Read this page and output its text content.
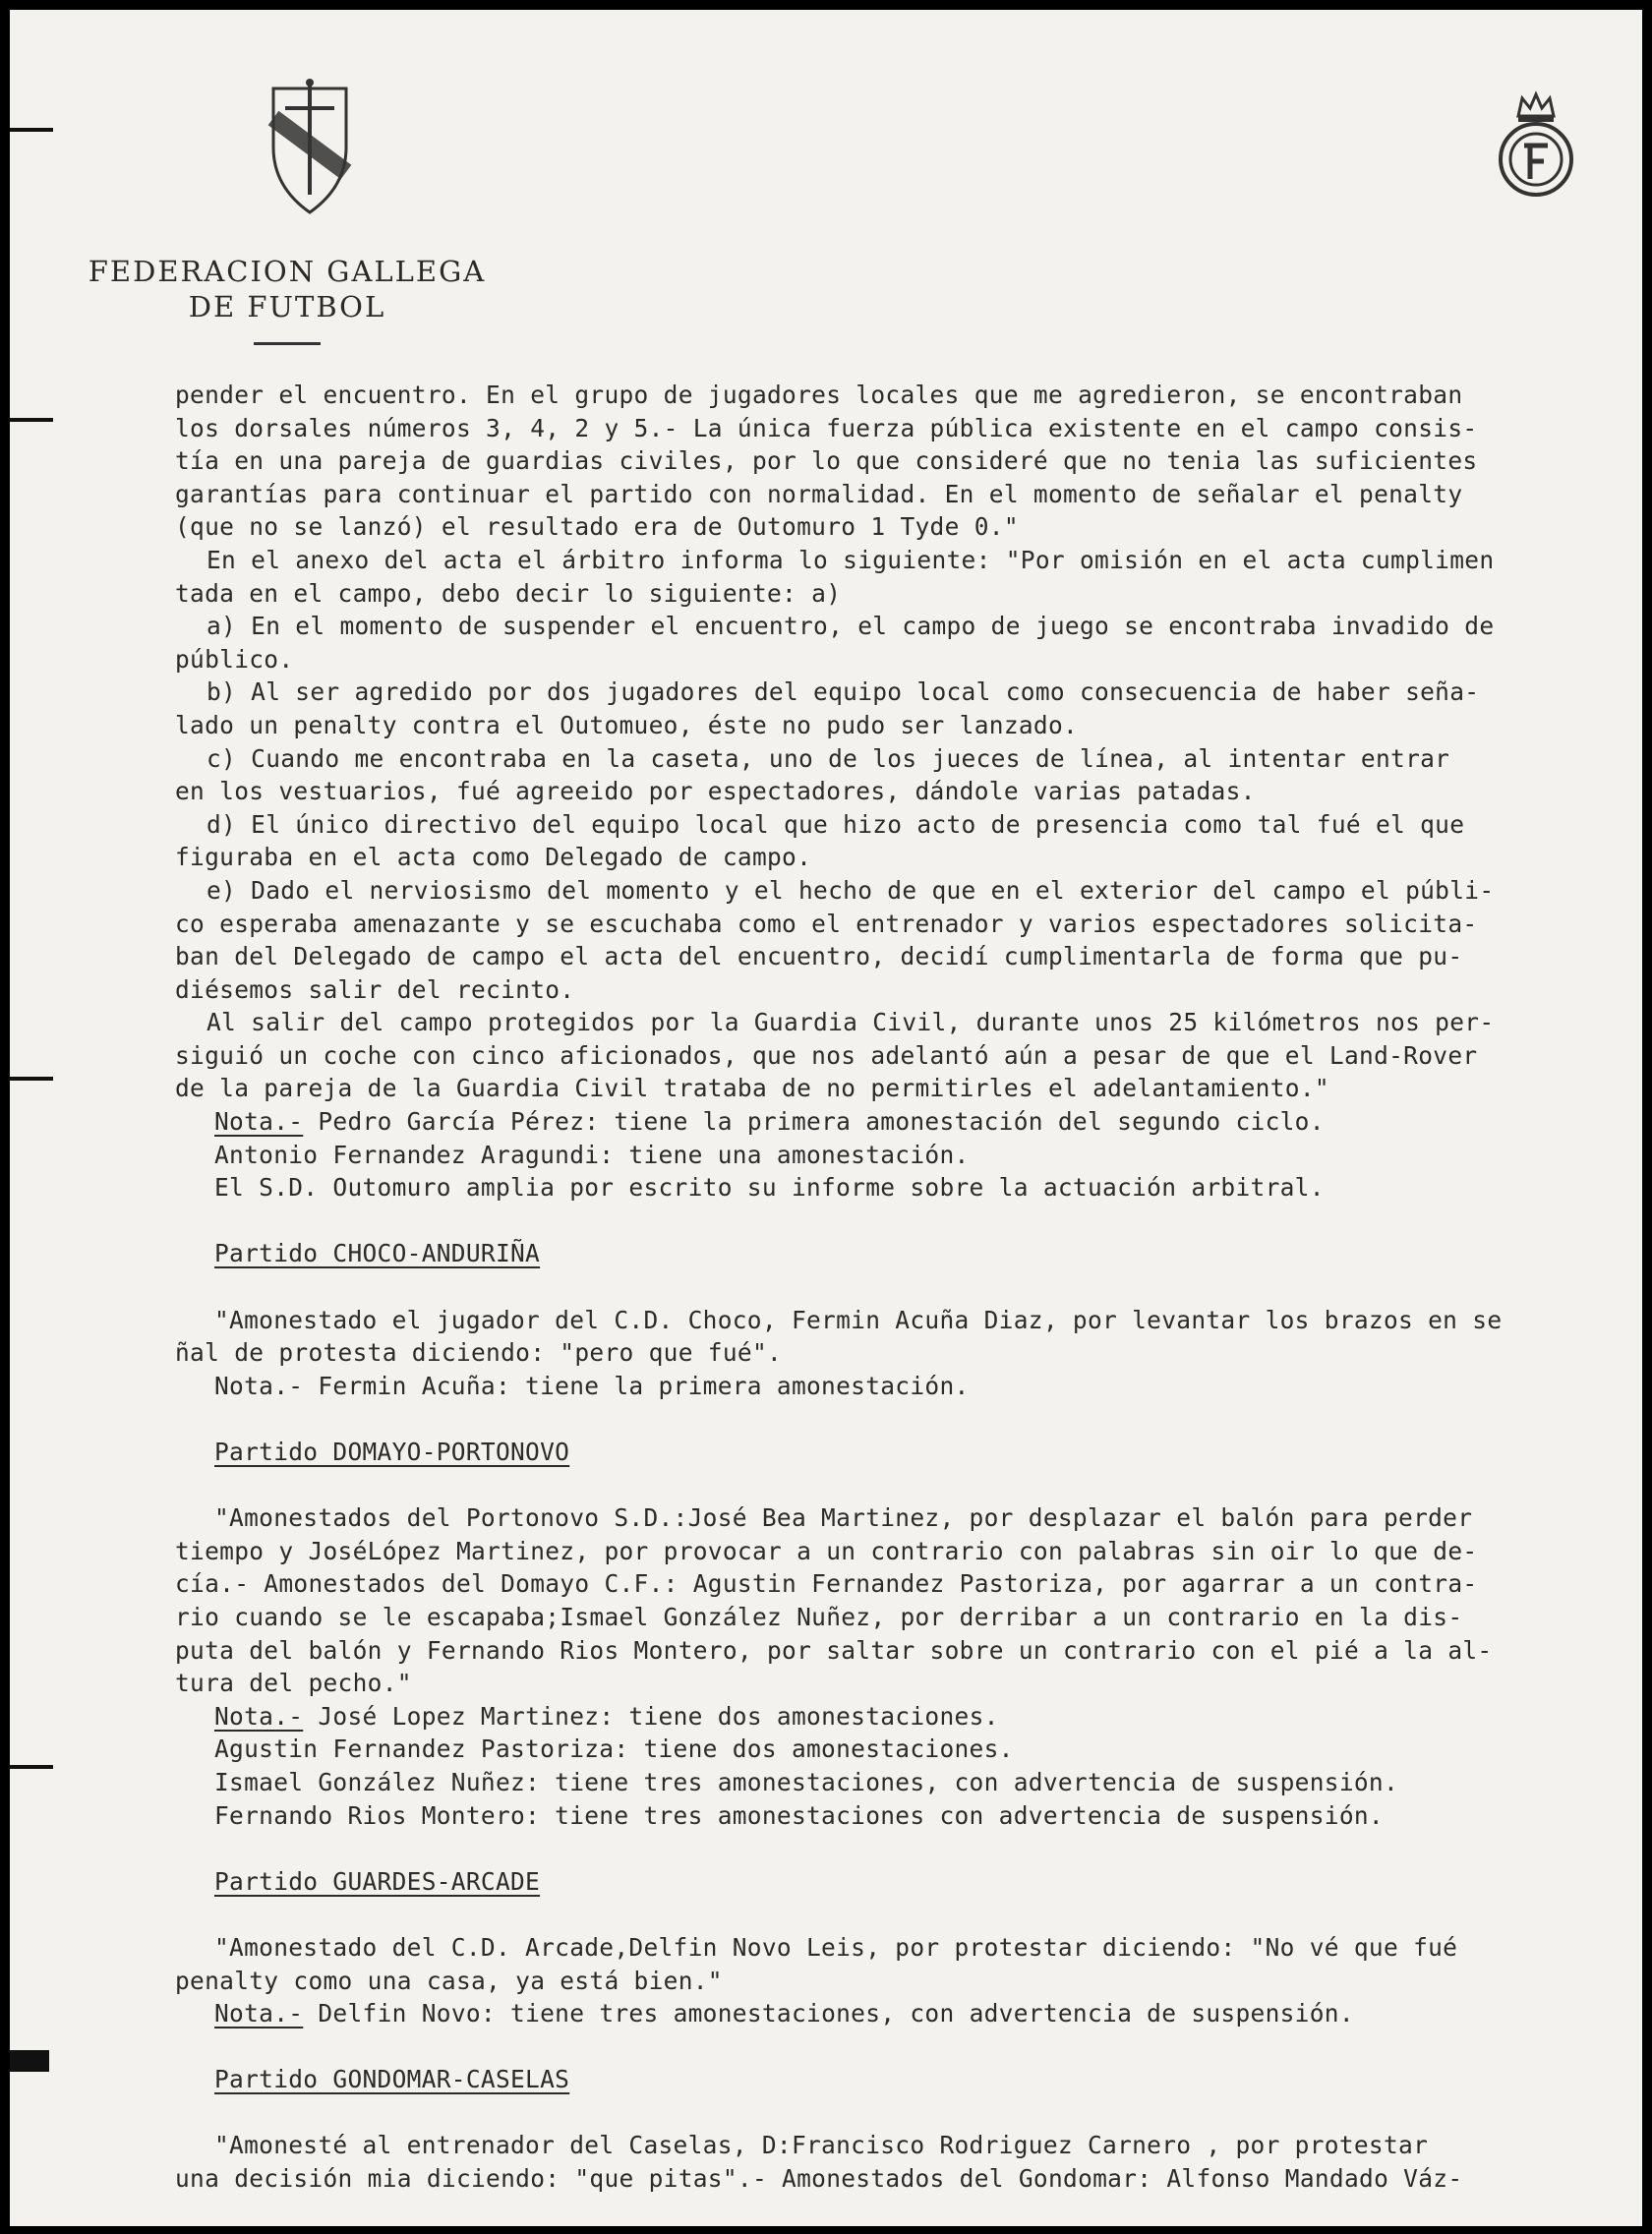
FEDERACION GALLEGA
DE FUTBOL
pender el encuentro. En el grupo de jugadores locales que me agredieron, se encontraban
los dorsales números 3, 4, 2 y 5.- La única fuerza pública existente en el campo consis-
tía en una pareja de guardias civiles, por lo que consideré que no tenia las suficientes
garantías para continuar el partido con normalidad. En el momento de señalar el penalty
(que no se lanzó) el resultado era de Outomuro 1 Tyde 0."
En el anexo del acta el árbitro informa lo siguiente: "Por omisión en el acta cumplimen
tada en el campo, debo decir lo siguiente: a)
a) En el momento de suspender el encuentro, el campo de juego se encontraba invadido de
público.
b) Al ser agredido por dos jugadores del equipo local como consecuencia de haber seña-
lado un penalty contra el Outomueo, éste no pudo ser lanzado.
c) Cuando me encontraba en la caseta, uno de los jueces de línea, al intentar entrar
en los vestuarios, fué agreeido por espectadores, dándole varias patadas.
d) El único directivo del equipo local que hizo acto de presencia como tal fué el que
figuraba en el acta como Delegado de campo.
e) Dado el nerviosismo del momento y el hecho de que en el exterior del campo el públi-
co esperaba amenazante y se escuchaba como el entrenador y varios espectadores solicita-
ban del Delegado de campo el acta del encuentro, decidí cumplimentarla de forma que pu-
diésemos salir del recinto.
Al salir del campo protegidos por la Guardia Civil, durante unos 25 kilómetros nos per-
siguió un coche con cinco aficionados, que nos adelantó aún a pesar de que el Land-Rover
de la pareja de la Guardia Civil trataba de no permitirles el adelantamiento."
Nota.- Pedro García Pérez: tiene la primera amonestación del segundo ciclo.
Antonio Fernandez Aragundi: tiene una amonestación.
El S.D. Outomuro amplia por escrito su informe sobre la actuación arbitral.
Partido CHOCO-ANDURIÑA
"Amonestado el jugador del C.D. Choco, Fermin Acuña Diaz, por levantar los brazos en se
ñal de protesta diciendo: "pero que fué".
Nota.- Fermin Acuña: tiene la primera amonestación.
Partido DOMAYO-PORTONOVO
"Amonestados del Portonovo S.D.:José Bea Martinez, por desplazar el balón para perder
tiempo y JoséLópez Martinez, por provocar a un contrario con palabras sin oir lo que de-
cía.- Amonestados del Domayo C.F.: Agustin Fernandez Pastoriza, por agarrar a un contra-
rio cuando se le escapaba;Ismael González Nuñez, por derribar a un contrario en la dis-
puta del balón y Fernando Rios Montero, por saltar sobre un contrario con el pié a la al-
tura del pecho."
Nota.- José Lopez Martinez: tiene dos amonestaciones.
Agustin Fernandez Pastoriza: tiene dos amonestaciones.
Ismael González Nuñez: tiene tres amonestaciones, con advertencia de suspensión.
Fernando Rios Montero: tiene tres amonestaciones con advertencia de suspensión.
Partido GUARDES-ARCADE
"Amonestado del C.D. Arcade,Delfin Novo Leis, por protestar diciendo: "No vé que fué
penalty como una casa, ya está bien."
Nota.- Delfin Novo: tiene tres amonestaciones, con advertencia de suspensión.
Partido GONDOMAR-CASELAS
"Amonesté al entrenador del Caselas, D:Francisco Rodriguez Carnero , por protestar
una decisión mia diciendo: "que pitas".- Amonestados del Gondomar: Alfonso Mandado Váz-
